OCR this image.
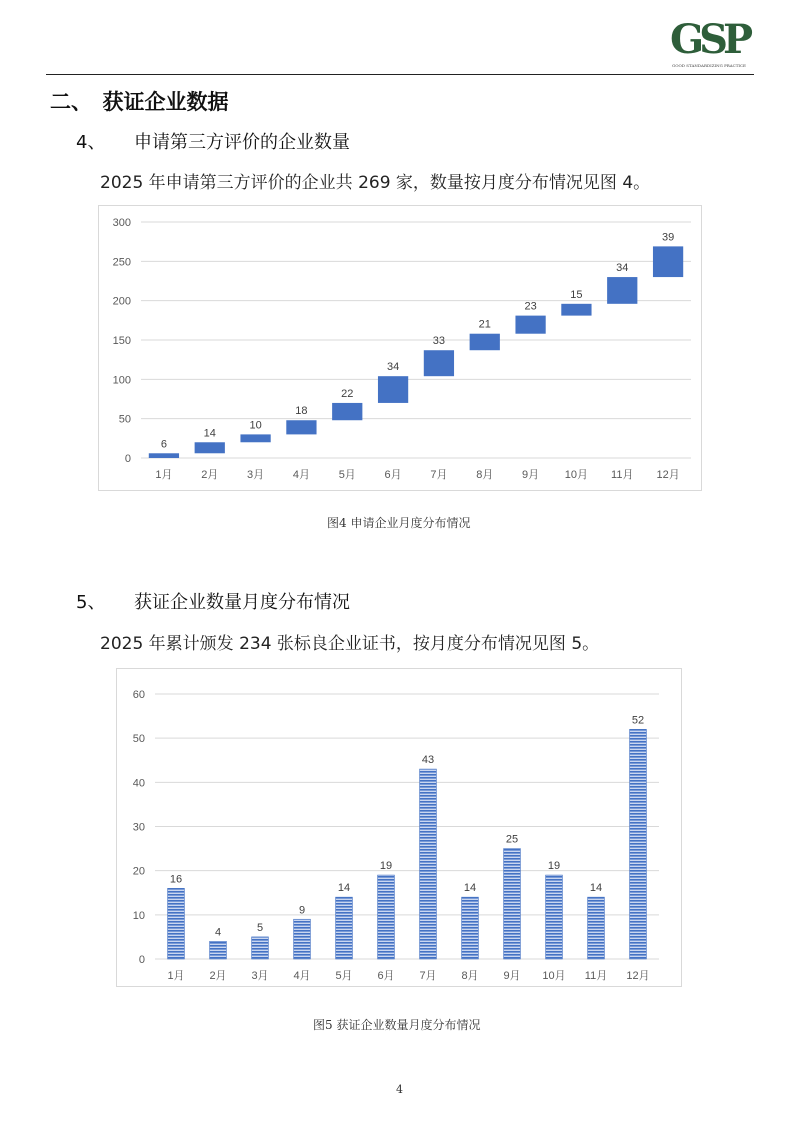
GSP
GOOD STANDARDIZING PRACTICE
二、　获证企业数据
4、 申请第三方评价的企业数量

2025 年申请第三方评价的企业共 269 家，数量按月度分布情况见图 4。

0
50
100
150
200
250
300
6
1月
14
2月
10
3月
18
4月
22
5月
34
6月
33
7月
21
8月
23
9月
15
10月
34
11月
39
12月
图4 申请企业月度分布情况
5、 获证企业数量月度分布情况

2025 年累计颁发 234 张标良企业证书，按月度分布情况见图 5。

0
10
20
30
40
50
60
16
1月
4
2月
5
3月
9
4月
14
5月
19
6月
43
7月
14
8月
25
9月
19
10月
14
11月
52
12月
图5 获证企业数量月度分布情况
4
